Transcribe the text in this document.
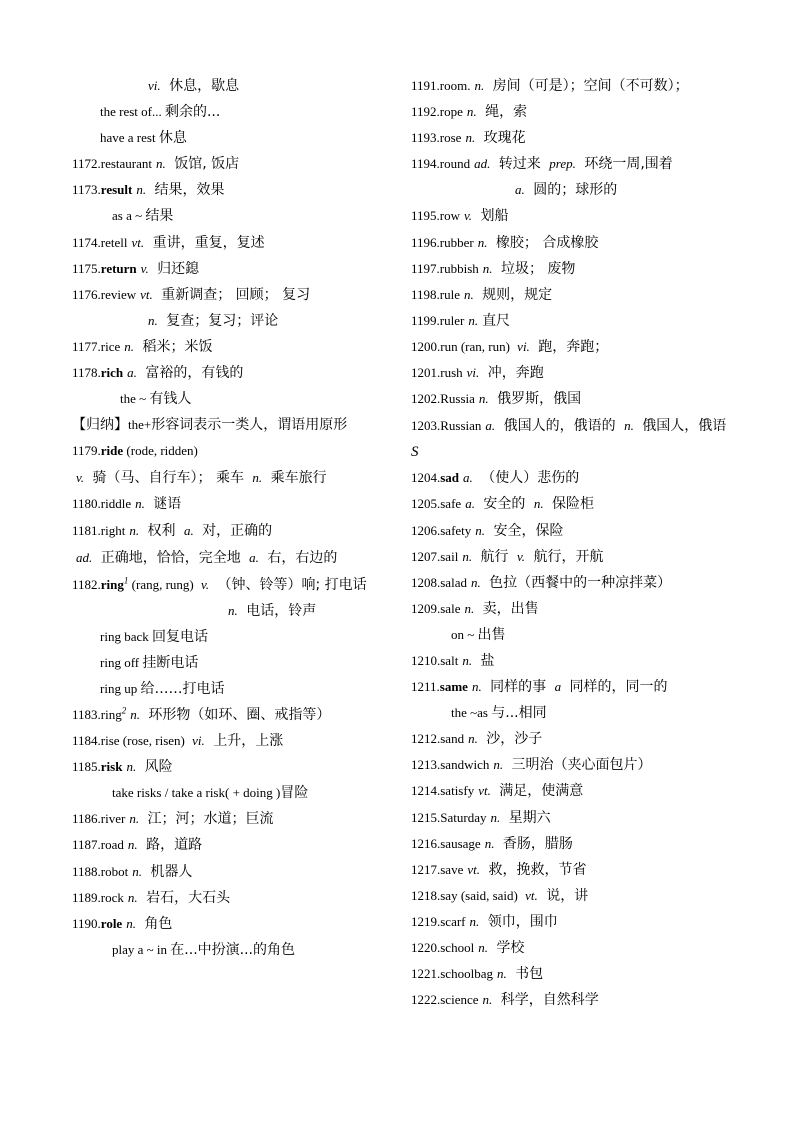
vi. 休息，歇息
the rest of... 剩余的...
have a rest 休息
1172.restaurant n. 饭馆, 饭店
1173.result n. 结果，效果
as a ~ 结果
1174.retell vt. 重讲，重复，复述
1175.return v. 归还鎴
1176.review vt. 重新调查； 回顾； 复习
n. 复查；复习；评论
1177.rice n. 稻米；米饭
1178.rich a. 富裕的，有钱的
the ~ 有钱人
【归纳】the+形容词表示一类人，谓语用原形
1179.ride (rode, ridden)
v. 骑（马、自行车）； 乘车 n. 乘车旅行
1180.riddle n. 谜语
1181.right n. 权利 a. 对，正确的
ad. 正确地，恰恰，完全地 a. 右，右边的
1182.ring$^1$ (rang, rung) v. （钟、铃等）响; 打电话
n. 电话，铃声
ring back 回复电话
ring off 挂断电话
ring up 给……打电话
1183.ring$^2$ n. 环形物（如环、圈、戒指等）
1184.rise (rose, risen) vi. 上升，上涨
1185.risk n. 风险
take risks / take a risk( + doing )冒险
1186.river n. 江；河；水道；巨流
1187.road n. 路，道路
1188.robot n. 机器人
1189.rock n. 岩石，大石头
1190.role n. 角色
play a ~ in 在...中扮演...的角色
1191.room. n. 房间（可是）；空间（不可数）；
1192.rope n. 绳，索
1193.rose n. 玫瑰花
1194.round ad. 转过来 prep. 环绕一周,围着
a. 圆的；球形的
1195.row v. 划船
1196.rubber n. 橡胶； 合成橡胶
1197.rubbish n. 垃圾； 废物
1198.rule n. 规则，规定
1199.ruler n. 直尺
1200.run (ran, run) vi. 跑，奔跑；
1201.rush vi. 冲，奔跑
1202.Russia n. 俄罗斯，俄国
1203.Russian a. 俄国人的，俄语的 n. 俄国人，俄语
S
1204.sad a. （使人）悲伤的
1205.safe a. 安全的 n. 保险柜
1206.safety n. 安全，保险
1207.sail n. 航行 v. 航行，开航
1208.salad n. 色拉（西餐中的一种凉拌菜）
1209.sale n. 卖，出售
on ~ 出售
1210.salt n. 盐
1211.same n. 同样的事 a 同样的，同一的
the ~as 与...相同
1212.sand n. 沙，沙子
1213.sandwich n. 三明治（夹心面包片）
1214.satisfy vt. 满足，使满意
1215.Saturday n. 星期六
1216.sausage n. 香肠，腊肠
1217.save vt. 救，挽救，节省
1218.say (said, said) vt. 说，讲
1219.scarf n. 领巾，围巾
1220.school n. 学校
1221.schoolbag n. 书包
1222.science n. 科学，自然科学
